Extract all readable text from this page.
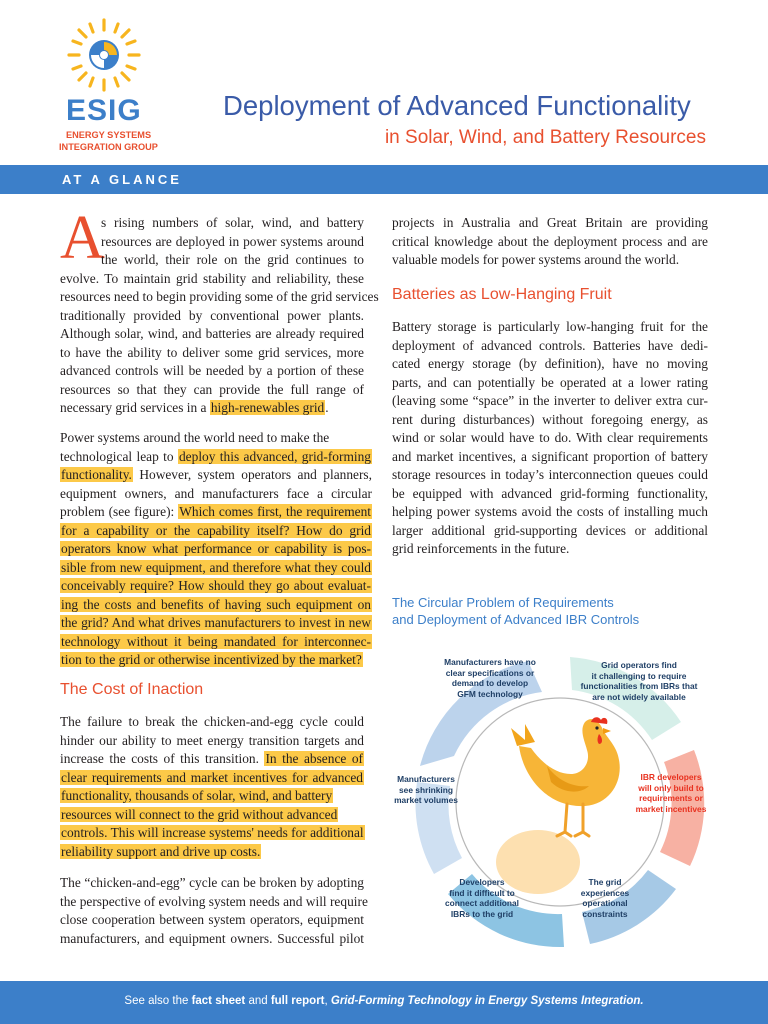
ESIG
ENERGY SYSTEMS
INTEGRATION GROUP
Deployment of Advanced Functionality
in Solar, Wind, and Battery Resources
AT A GLANCE
A
s rising numbers of solar, wind, and battery
resources are deployed in power systems around
the world, their role on the grid continues to
evolve. To maintain grid stability and reliability, these
resources need to begin providing some of the grid services
traditionally provided by conventional power plants.
Although solar, wind, and batteries are already required
to have the ability to deliver some grid services, more
advanced controls will be needed by a portion of these
resources so that they can provide the full range of
necessary grid services in a high-renewables grid.
Power systems around the world need to make the
technological leap to deploy this advanced, grid-forming
functionality. However, system operators and planners,
equipment owners, and manufacturers face a circular
problem (see figure): Which comes first, the requirement
for a capability or the capability itself? How do grid
operators know what performance or capability is pos-
sible from new equipment, and therefore what they could
conceivably require? How should they go about evaluat-
ing the costs and benefits of having such equipment on
the grid? And what drives manufacturers to invest in new
technology without it being mandated for interconnec-
tion to the grid or otherwise incentivized by the market?
The Cost of Inaction
The failure to break the chicken-and-egg cycle could
hinder our ability to meet energy transition targets and
increase the costs of this transition. In the absence of
clear requirements and market incentives for advanced
functionality, thousands of solar, wind, and battery
resources will connect to the grid without advanced
controls. This will increase systems' needs for additional
reliability support and drive up costs.
The “chicken-and-egg” cycle can be broken by adopting
the perspective of evolving system needs and will require
close cooperation between system operators, equipment
manufacturers, and equipment owners. Successful pilot
projects in Australia and Great Britain are providing
critical knowledge about the deployment process and are
valuable models for power systems around the world.
Batteries as Low-Hanging Fruit
Battery storage is particularly low-hanging fruit for the
deployment of advanced controls. Batteries have dedi-
cated energy storage (by definition), have no moving
parts, and can potentially be operated at a lower rating
(leaving some “space” in the inverter to deliver extra cur-
rent during disturbances) without foregoing energy, as
wind or solar would have to do. With clear requirements
and market incentives, a significant proportion of battery
storage resources in today’s interconnection queues could
be equipped with advanced grid-forming functionality,
helping power systems avoid the costs of installing much
larger additional grid-supporting devices or additional
grid reinforcements in the future.
The Circular Problem of Requirements
and Deployment of Advanced IBR Controls
Manufacturers have no
clear specifications or
demand to develop
GFM technology
Grid operators find
it challenging to require
functionalities from IBRs that
are not widely available
IBR developers
will only build to
requirements or
market incentives
The grid
experiences
operational
constraints
Developers
find it difficult to
connect additional
IBRs to the grid
Manufacturers
see shrinking
market volumes
See also the fact sheet and full report, Grid-Forming Technology in Energy Systems Integration.
